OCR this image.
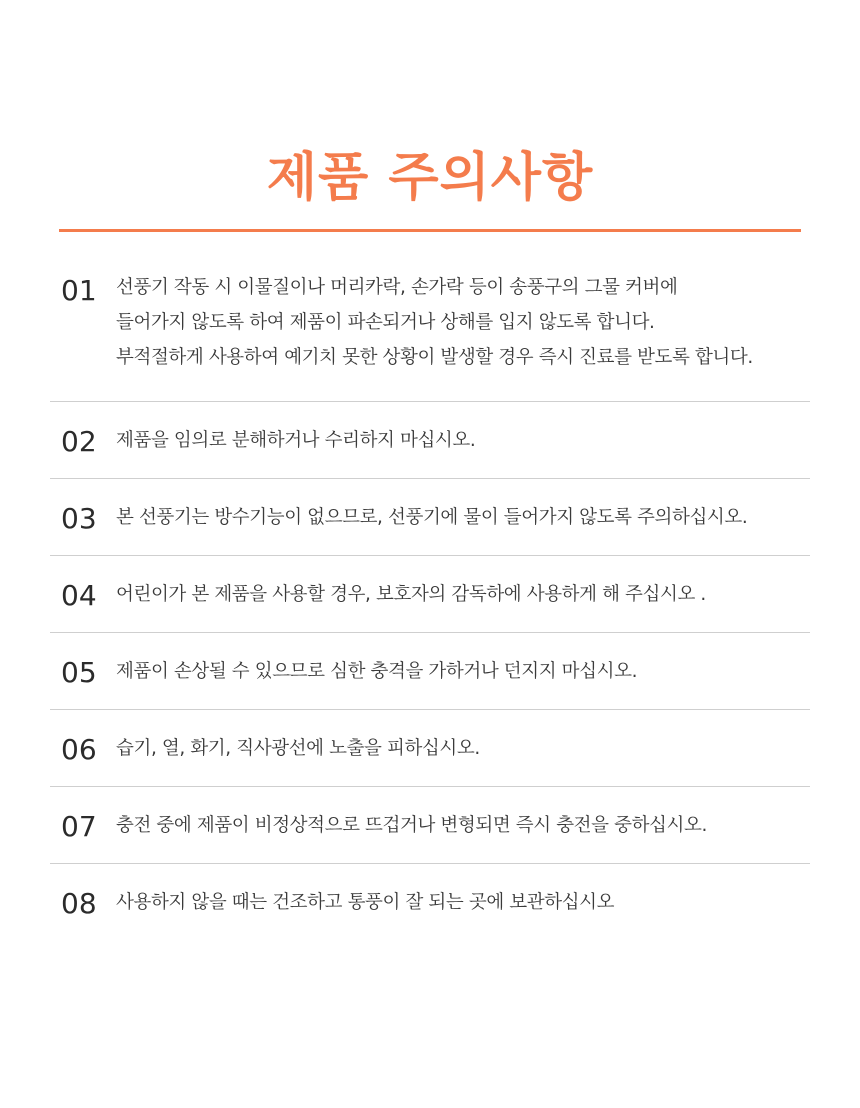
제품 주의사항
01	선풍기 작동 시 이물질이나 머리카락, 손가락 등이 송풍구의 그물 커버에
들어가지 않도록 하여 제품이 파손되거나 상해를 입지 않도록 합니다.
부적절하게 사용하여 예기치 못한 상황이 발생할 경우 즉시 진료를 받도록 합니다.
02	제품을 임의로 분해하거나 수리하지 마십시오.
03	본 선풍기는 방수기능이 없으므로, 선풍기에 물이 들어가지 않도록 주의하십시오.
04	어린이가 본 제품을 사용할 경우, 보호자의 감독하에 사용하게 해 주십시오 .
05	제품이 손상될 수 있으므로 심한 충격을 가하거나 던지지 마십시오.
06	습기, 열, 화기, 직사광선에 노출을 피하십시오.
07	충전 중에 제품이 비정상적으로 뜨겁거나 변형되면 즉시 충전을 중하십시오.
08	사용하지 않을 때는 건조하고 통풍이 잘 되는 곳에 보관하십시오
